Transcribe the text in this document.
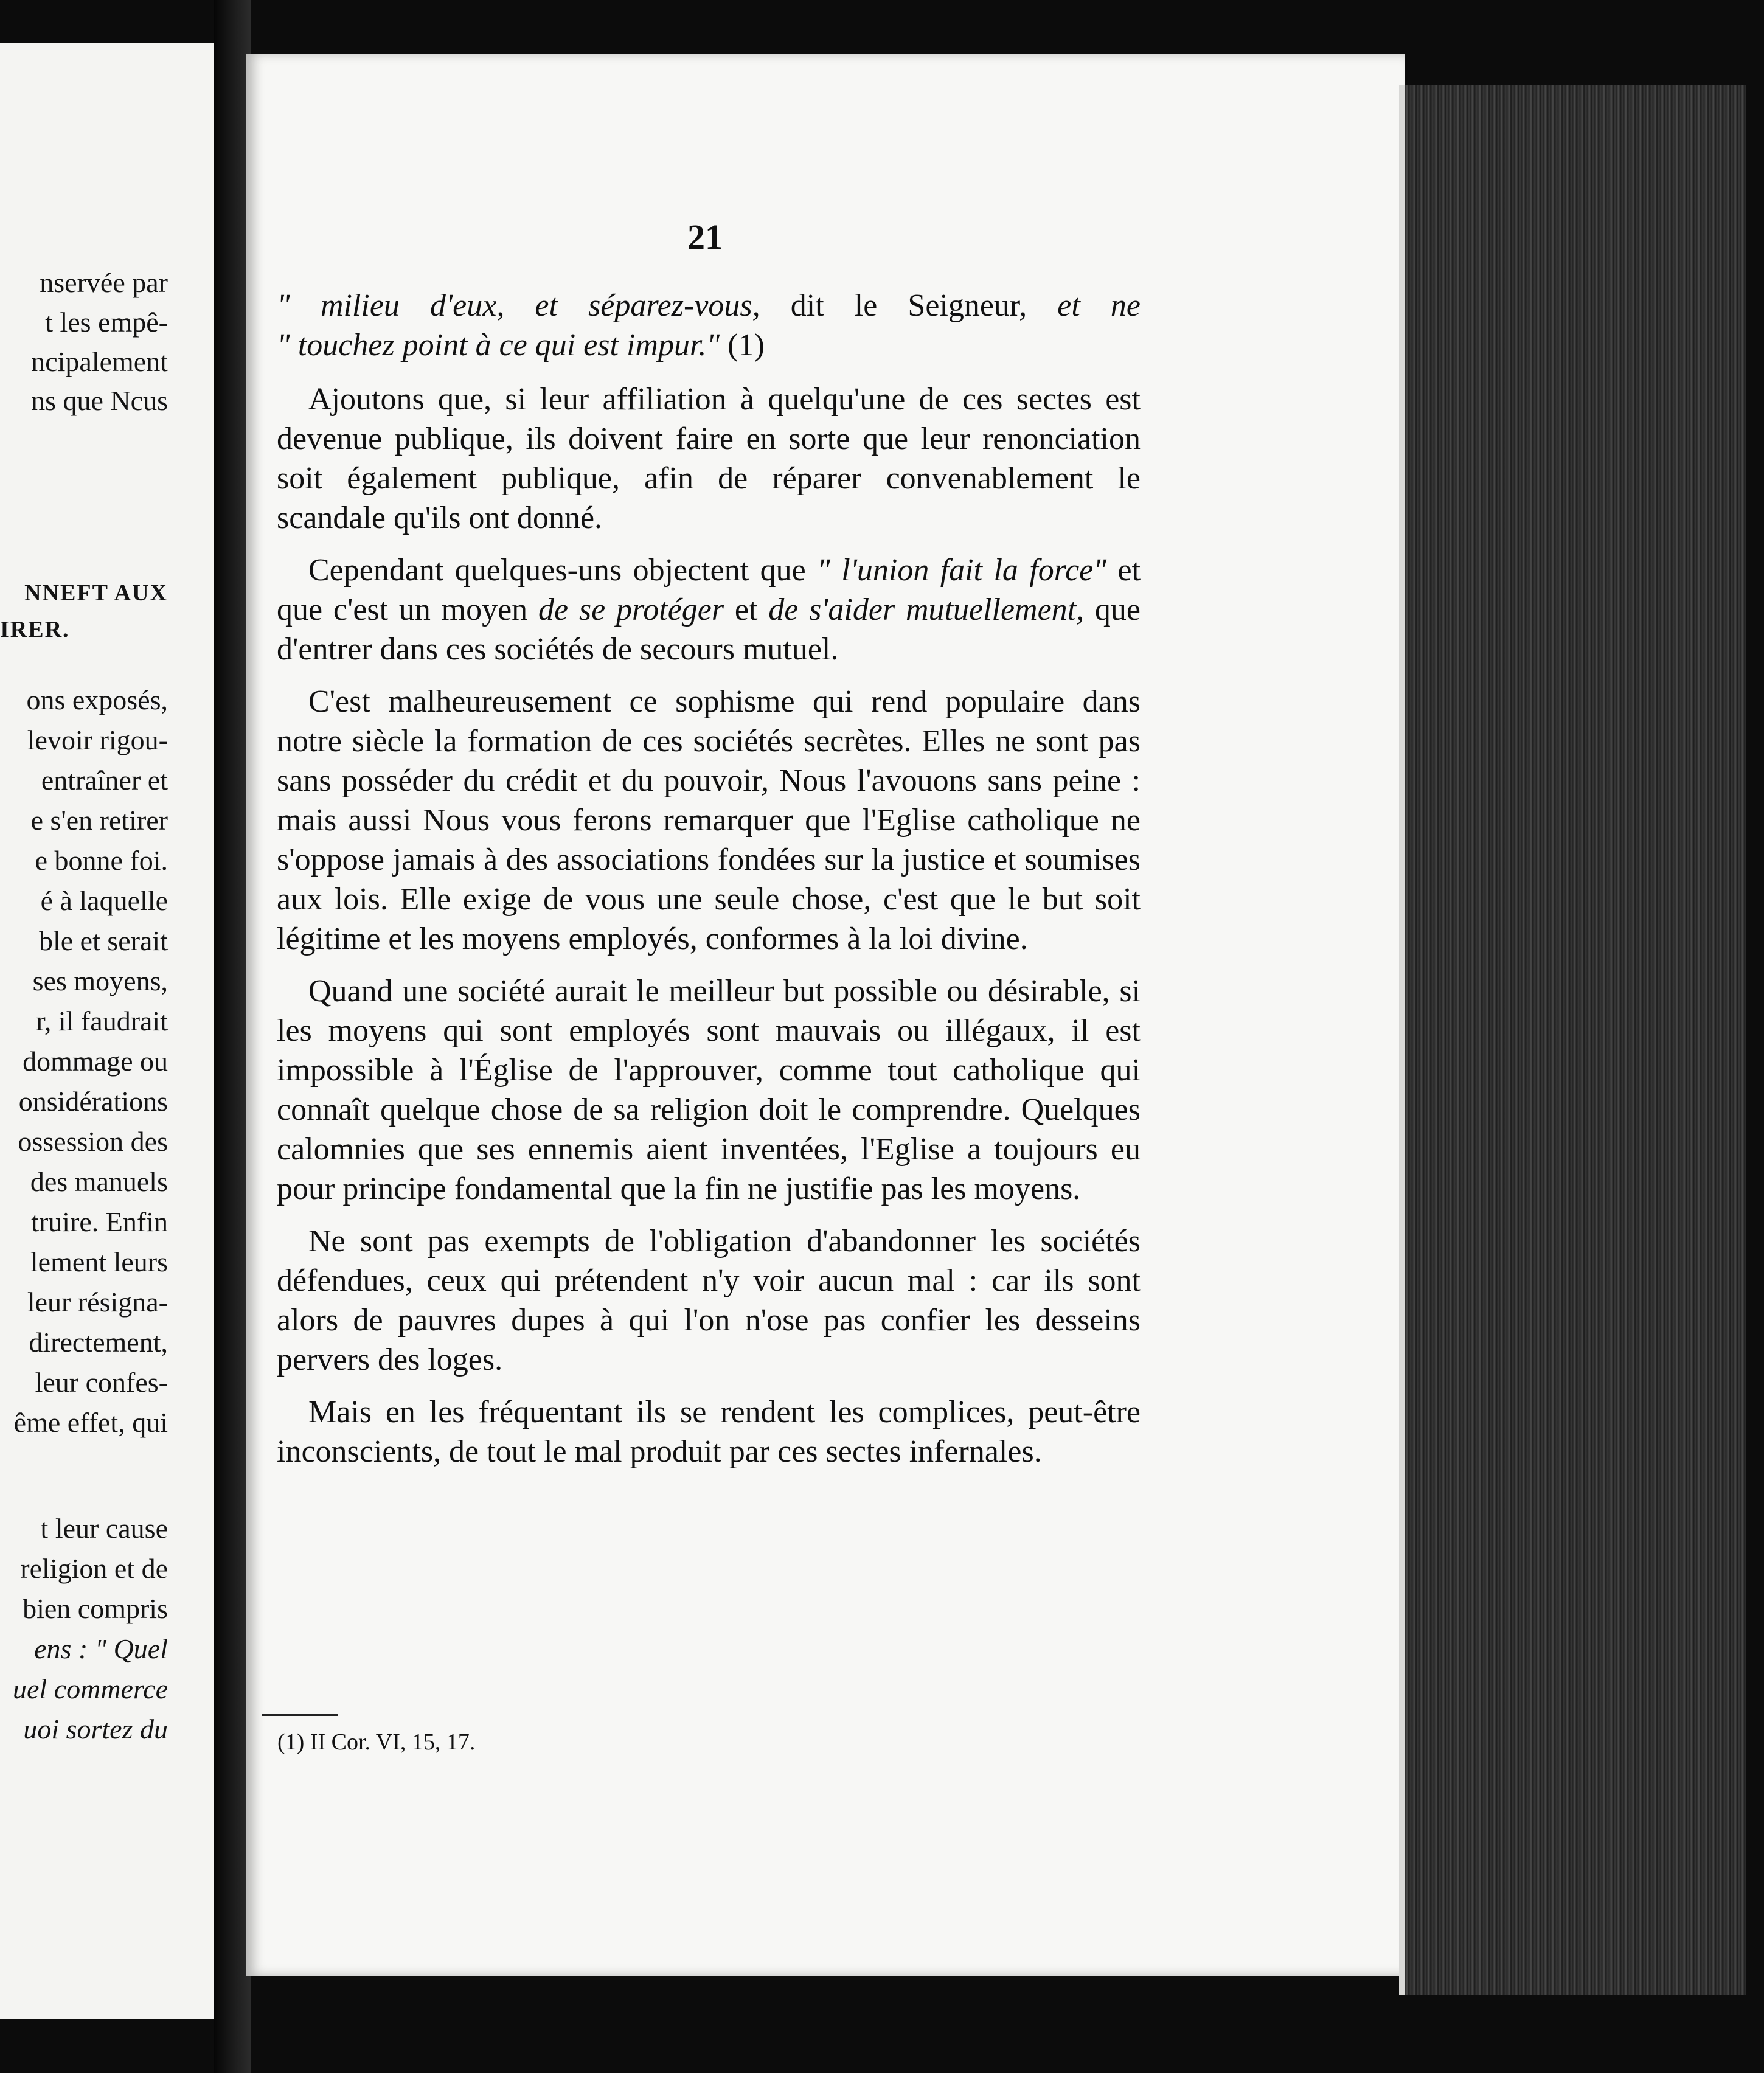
nservée par
t les empê-
ncipalement
ns que Ncus
NNEFT AUX
IRER.
ons exposés,
levoir rigou-
entraîner et
e s'en retirer
e bonne foi.
é à laquelle
ble et serait
ses moyens,
r, il faudrait
dommage ou
onsidérations
ossession des
des manuels
truire. Enfin
lement leurs
leur résigna-
directement,
leur confes-
ême effet, qui
t leur cause
religion et de
bien compris
ens : " Quel
uel commerce
uoi sortez du
21

" milieu d'eux, et séparez-vous, dit le Seigneur, et ne
" touchez point à ce qui est impur." (1)

Ajoutons que, si leur affiliation à quelqu'une de ces sectes est devenue publique, ils doivent faire en sorte que leur renonciation soit également publique, afin de réparer convenablement le scandale qu'ils ont donné.

Cependant quelques-uns objectent que " l'union fait la force" et que c'est un moyen de se protéger et de s'aider mutuellement, que d'entrer dans ces sociétés de secours mutuel.

C'est malheureusement ce sophisme qui rend populaire dans notre siècle la formation de ces sociétés secrètes. Elles ne sont pas sans posséder du crédit et du pouvoir, Nous l'avouons sans peine : mais aussi Nous vous ferons remarquer que l'Eglise catholique ne s'oppose jamais à des associations fondées sur la justice et soumises aux lois. Elle exige de vous une seule chose, c'est que le but soit légitime et les moyens employés, conformes à la loi divine.

Quand une société aurait le meilleur but possible ou désirable, si les moyens qui sont employés sont mauvais ou illégaux, il est impossible à l'Église de l'approuver, comme tout catholique qui connaît quelque chose de sa religion doit le comprendre. Quelques calomnies que ses ennemis aient inventées, l'Eglise a toujours eu pour principe fondamental que la fin ne justifie pas les moyens.

Ne sont pas exempts de l'obligation d'abandonner les sociétés défendues, ceux qui prétendent n'y voir aucun mal : car ils sont alors de pauvres dupes à qui l'on n'ose pas confier les desseins pervers des loges.

Mais en les fréquentant ils se rendent les complices, peut-être inconscients, de tout le mal produit par ces sectes infernales.

(1) II Cor. VI, 15, 17.
